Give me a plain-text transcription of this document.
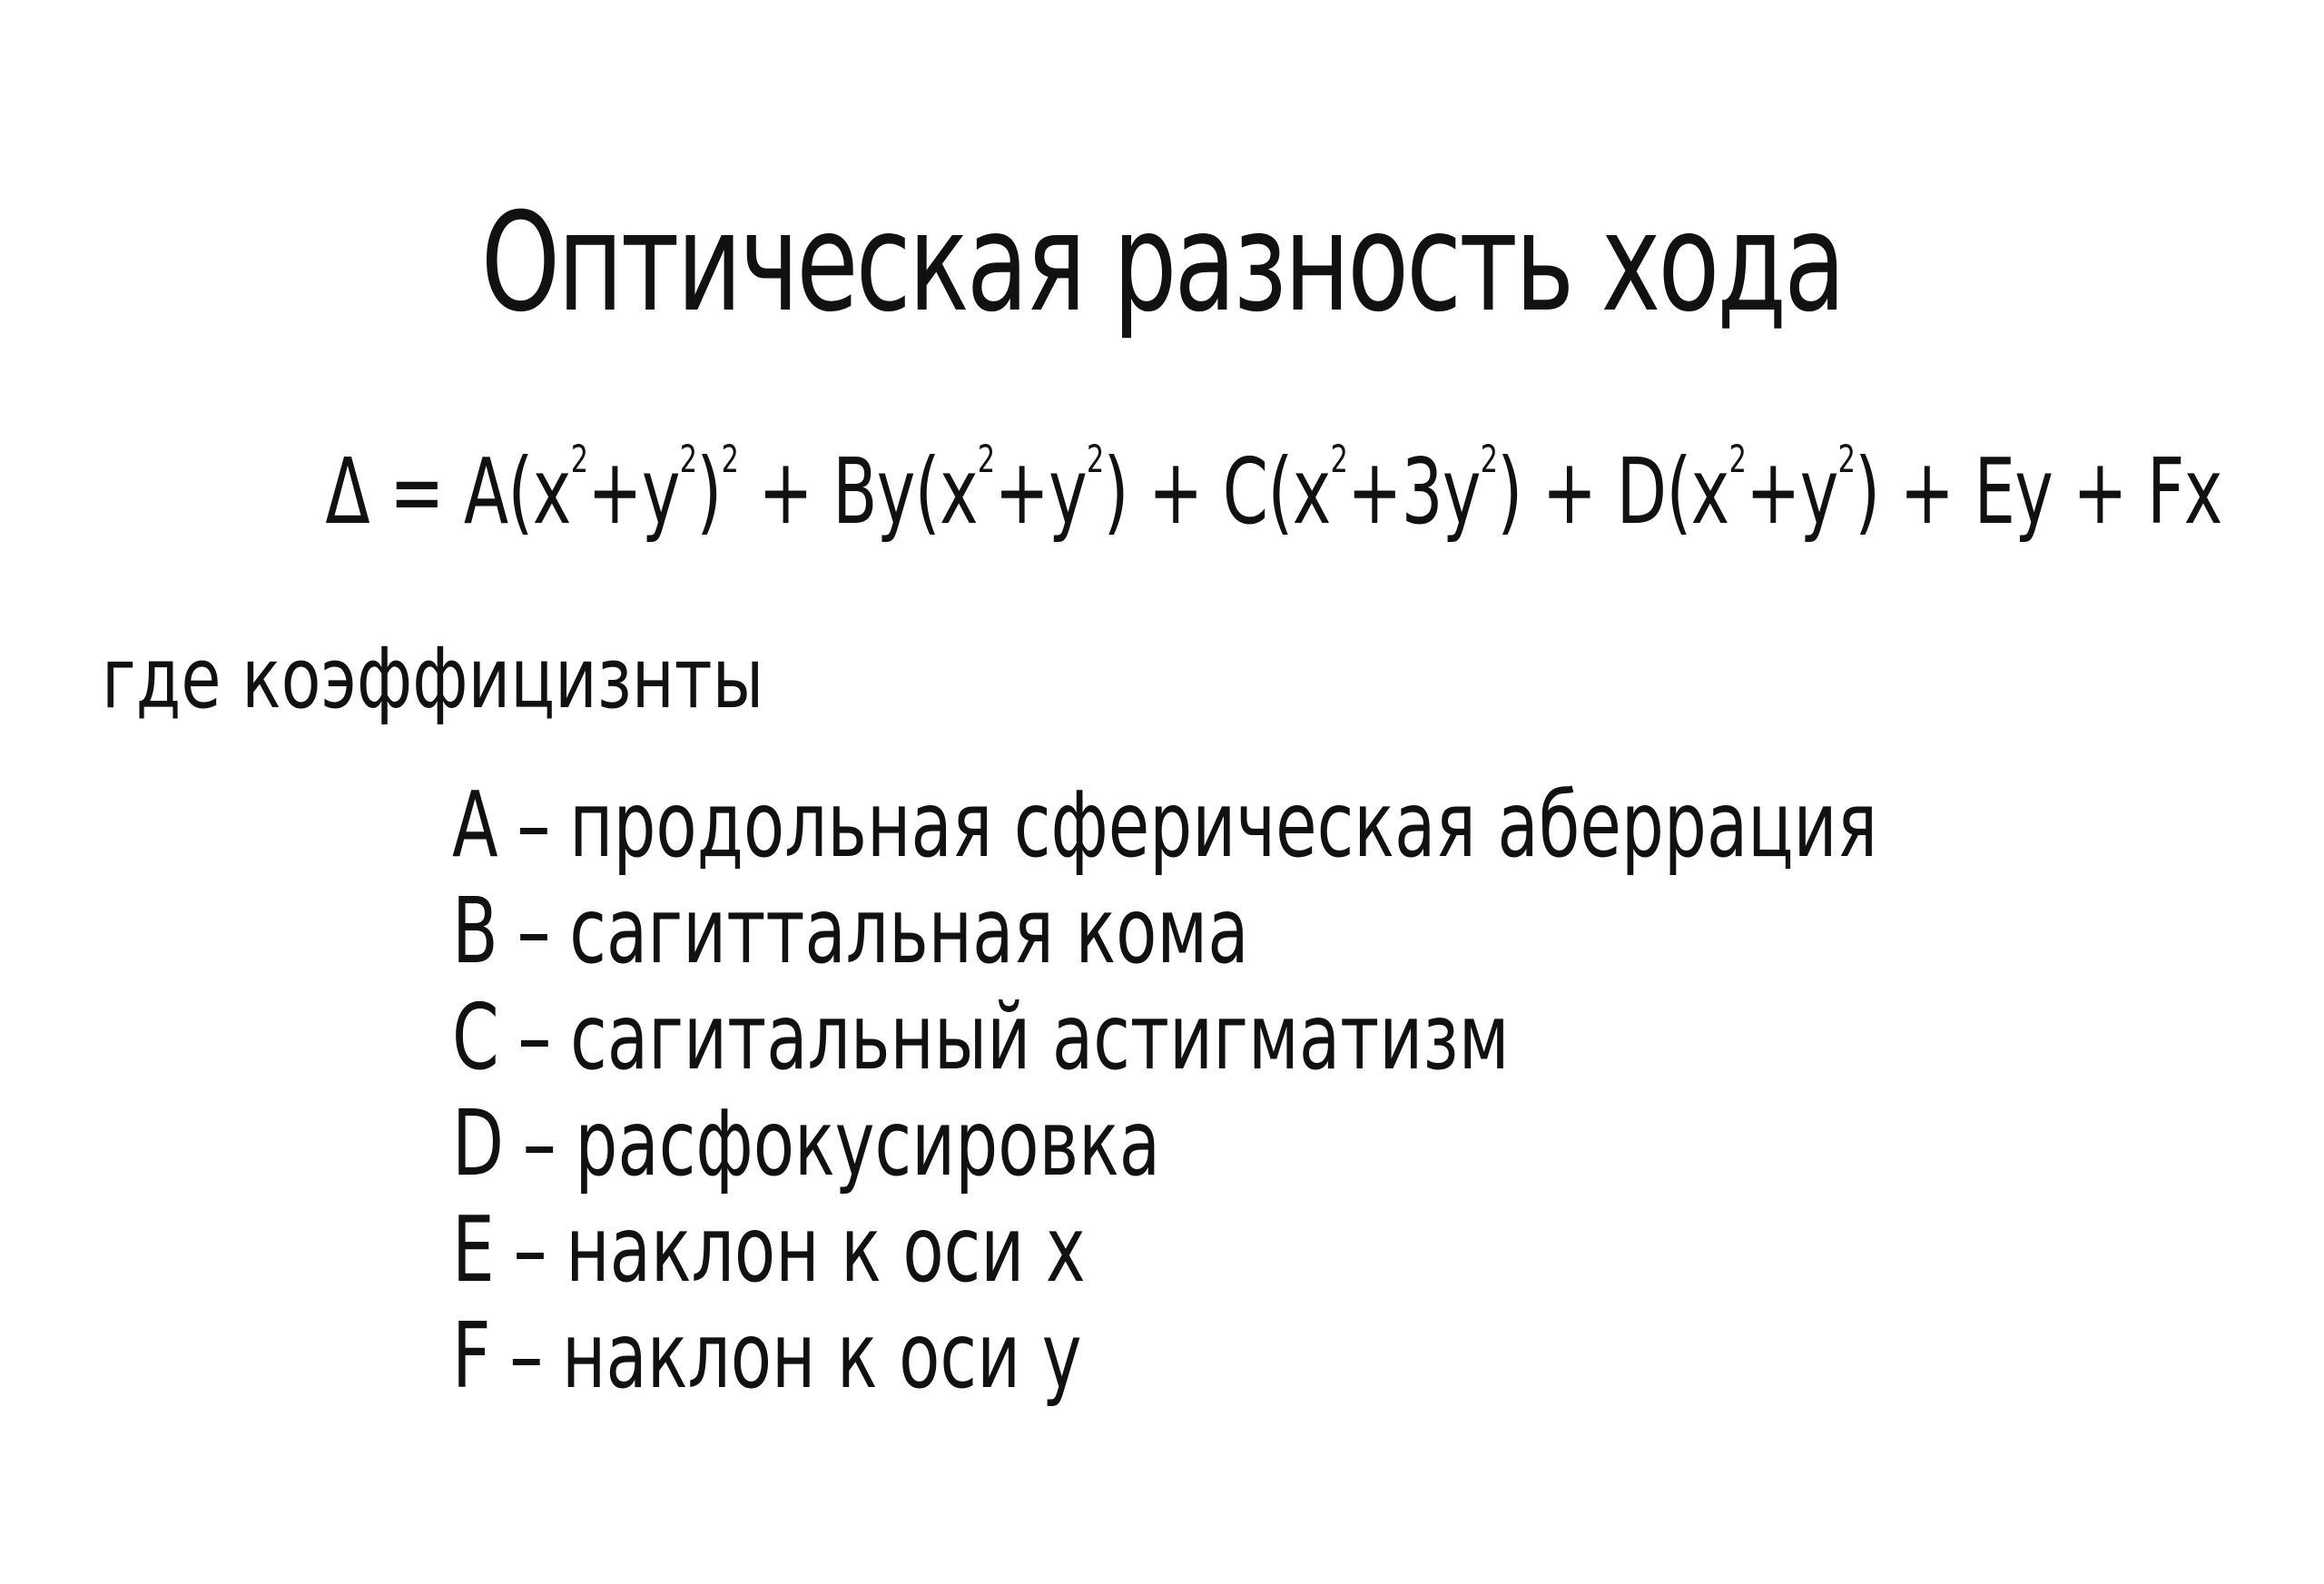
Оптическая разность хода
$\Delta = A(x^2+y^2)^2 + By(x^2+y^2) + C(x^2+3y^2) + D(x^2+y^2) + Ey + Fx$
где коэффицизнты
A – продольная сферическая аберрация
B – сагиттальная кома
C – сагитальный астигматизм
D – расфокусировка
E – наклон к оси x
F – наклон к оси y
